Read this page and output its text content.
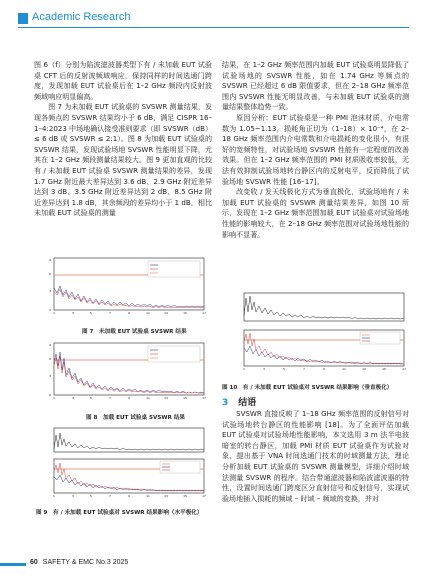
Academic Research

图 6（f）分别为陷波滤波器类型下有 / 未加载 EUT 试验桌 CFT 后的反射波频域响应，保持同样的时间选通门跨度，发现加载 EUT 试验桌后在 1–2 GHz 频段内反射波频域响应明显偏高。

图 7 为未加载 EUT 试验桌的 SVSWR 测量结果，发现各频点的 SVSWR 结果均小于 6 dB，满足 CISPR 16–1–4:2023 中场地确认接受准则要求（即 SVSWR（dB）≤ 6 dB 或 SVSWR ≤ 2:1）。图 8 为加载 EUT 试验桌的 SVSWR 结果，发现试验场地 SVSWR 性能明显下降，尤其在 1–2 GHz 频段测量结果较大。图 9 更加直观的比较有 / 未加载 EUT 试验桌 SVSWR 测量结果的差异，发现 1.7 GHz 附近最大差异达到 3.6 dB、2.9 GHz 附近差异达到 3 dB、3.5 GHz 附近差异达到 2 dB、8.5 GHz 附近差异达到 1.8 dB，其余频段的差异均小于 1 dB，相比未加载 EUT 试验桌的测量

结果，在 1–2 GHz 频率范围内加载 EUT 试验桌明显降低了试验场地的 SVSWR 性能，如在 1.74 GHz 等频点的 SVSWR 已经超过 6 dB 限值要求，但在 2–18 GHz 频率范围内 SVSWR 性能无明显改善，与未加载 EUT 试验桌的测量结果整体趋势一致。

原因分析：EUT 试验桌是一种 PMI 泡沫材质，介电常数为 1.05~1.13，损耗角正切为（1–18）× 10⁻⁴，在 2–18 GHz 频率范围内介电常数和介电损耗的变化很小，有很好的宽频特性，对试验场地 SVSWR 性能有一定程度的改善效果。但在 1–2 GHz 频率范围的 PMI 材质吸收率较低，无法有效抑制试验场地转台静区内的反射电平，反而降低了试验场地 SVSWR 性能 [16–17]。

改变收 / 发天线极化方式为垂直极化，试验场地有 / 未加载 EUT 试验桌的 SVSWR 测量结果差异，如图 10 所示，发现在 1–2 GHz 频率范围加载 EUT 试验桌对试验场地性能的影响较大，在 2–18 GHz 频率范围对试验场地性能的影响不显著。

9
6
3
0
1	3	5	7	9	11	13	15	17
图 7　未加载 EUT 试验桌 SVSWR 结果
9
6
3
0
1	3	5	7	9	11	13	15	17
图 8　加载 EUT 试验桌 SVSWR 结果
1	3	5	7	9	11	13	15	17
图 9　有 / 未加载 EUT 试验桌对 SVSWR 结果影响（水平极化）
1	3	5	7	9	11	13	15	17
图 10　有 / 未加载 EUT 试验桌对 SVSWR 结果影响（垂直极化）
3 结语

SVSWR 直接反映了 1–18 GHz 频率范围的反射信号对试验场地转台静区的性能影响 [18]。为了全面评估加载 EUT 试验桌对试验场地性能影响，本文选用 3 m 法半电波暗室的转台静区，加载 PMI 材质 EUT 试验桌作为试验对象，提出基于 VNA 时间选通门技术的时域测量方法，理论分析加载 EUT 试验桌的 SVSWR 测量模型，详细介绍时域法测量 SVSWR 的程序。结合带通滤波器和陷波滤波器的特性，设置时间选通门跨度区分直射信号和反射信号，实现试验场地插入损耗的频域 – 时域 – 频域的变换，并对

60 SAFETY & EMC No.3 2025
